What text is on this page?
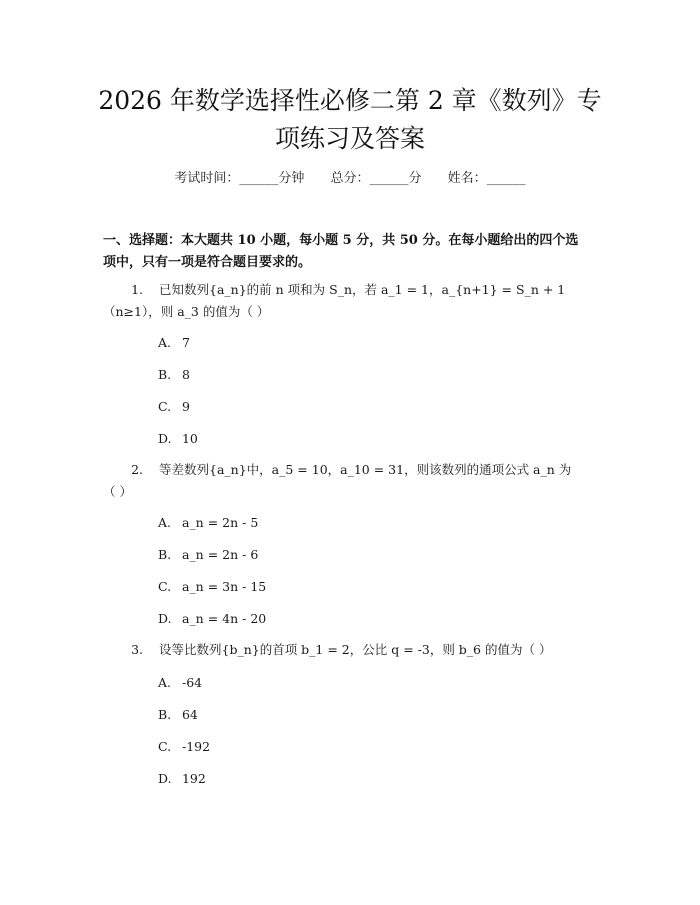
2026 年数学选择性必修二第 2 章《数列》专
项练习及答案
考试时间：______分钟 总分：______分 姓名：______
一、选择题：本大题共 10 小题，每小题 5 分，共 50 分。在每小题给出的四个选
项中，只有一项是符合题目要求的。
1. 已知数列{a_n}的前 n 项和为 S_n，若 a_1 = 1，a_{n+1} = S_n + 1
（n≥1），则 a_3 的值为（ ）
A. 7
B. 8
C. 9
D. 10
2. 等差数列{a_n}中，a_5 = 10，a_10 = 31，则该数列的通项公式 a_n 为
（ ）
A. a_n = 2n - 5
B. a_n = 2n - 6
C. a_n = 3n - 15
D. a_n = 4n - 20
3. 设等比数列{b_n}的首项 b_1 = 2，公比 q = -3，则 b_6 的值为（ ）
A. -64
B. 64
C. -192
D. 192
